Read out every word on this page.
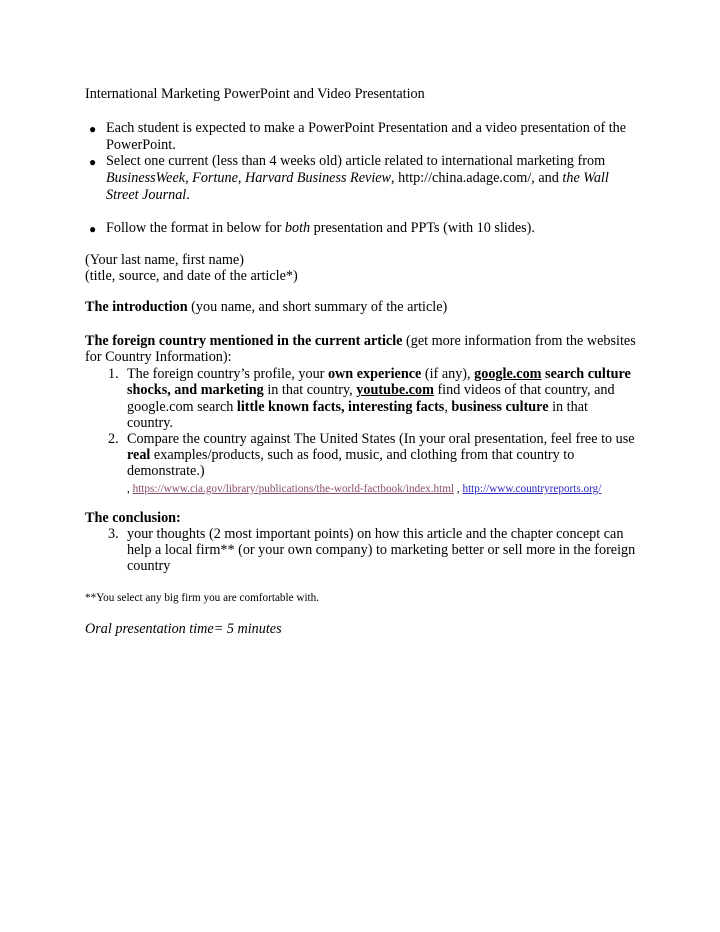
International Marketing PowerPoint and Video Presentation
● Each student is expected to make a PowerPoint Presentation and a video presentation of the
PowerPoint.
● Select one current (less than 4 weeks old) article related to international marketing from
BusinessWeek, Fortune, Harvard Business Review, http://china.adage.com/, and the Wall
Street Journal.
● Follow the format in below for both presentation and PPTs (with 10 slides).
(Your last name, first name)
(title, source, and date of the article*)
The introduction (you name, and short summary of the article)
The foreign country mentioned in the current article (get more information from the websites
for Country Information):
1. The foreign country’s profile, your own experience (if any), google.com search culture
shocks, and marketing in that country, youtube.com find videos of that country, and
google.com search little known facts, interesting facts, business culture in that
country.
2. Compare the country against The United States (In your oral presentation, feel free to use
real examples/products, such as food, music, and clothing from that country to
demonstrate.)
, https://www.cia.gov/library/publications/the-world-factbook/index.html , http://www.countryreports.org/
The conclusion:
3. your thoughts (2 most important points) on how this article and the chapter concept can
help a local firm** (or your own company) to marketing better or sell more in the foreign
country
**You select any big firm you are comfortable with.
Oral presentation time= 5 minutes
